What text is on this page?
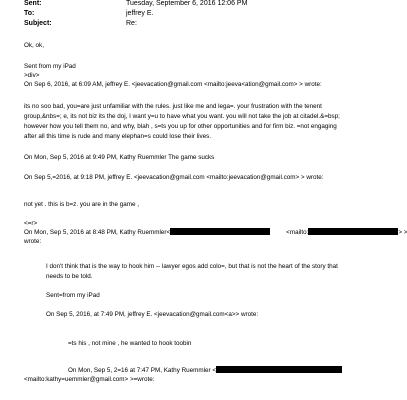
Sent:	Tuesday, September 6, 2016 12:06 PM
To:	jeffrey E.
Subject:	Re:
Ok, ok,
Sent from my iPad
>div>
On Sep 6, 2016, at 6:09 AM, jeffrey E. <jeevacation@gmail.com <mailto:jeeva<ation@gmail.com> > wrote:
its no soo bad, you=are just unfamiliar with the rules. just like me and lega=. your frustration with the tenent
group,&nbs=; e, its not biz its the doj, I want y=u to have what you want. you will not take the job at citadel.&=bsp;
however how you tell them no, and why, blah , s=ts you up for other opportunities and for firm biz. =not engaging
after all this time is rude and many elephan=s could lose their lives.
On Mon, Sep 5, 2016 at 9:49 PM, Kathy Ruemmler The game sucks
On Sep 5,=2016, at 9:18 PM, jeffrey E. <jeevacation@gmail.com <mailto:jeevacation@gmail.com> > wrote:
not yet . this is b=z. you are in the game ,
<=r>
On Mon, Sep 5, 2016 at 8:48 PM, Kathy Ruemmler<	<mailto:	> >
wrote:
I don't think that is the way to hook him -- lawyer egos add colo=, but that is not the heart of the story that
needs to be told.
Sent=from my iPad
On Sep 5, 2016, at 7:49 PM, jeffrey E. <jeevacation@gmail.com<a>> wrote:
=ts his , not mine , he wanted to hook toobin
On Mon, Sep 5, 2=16 at 7:47 PM, Kathy Ruemmler <
<mailto:kathy=uemmler@gmail.com> >=wrote:
